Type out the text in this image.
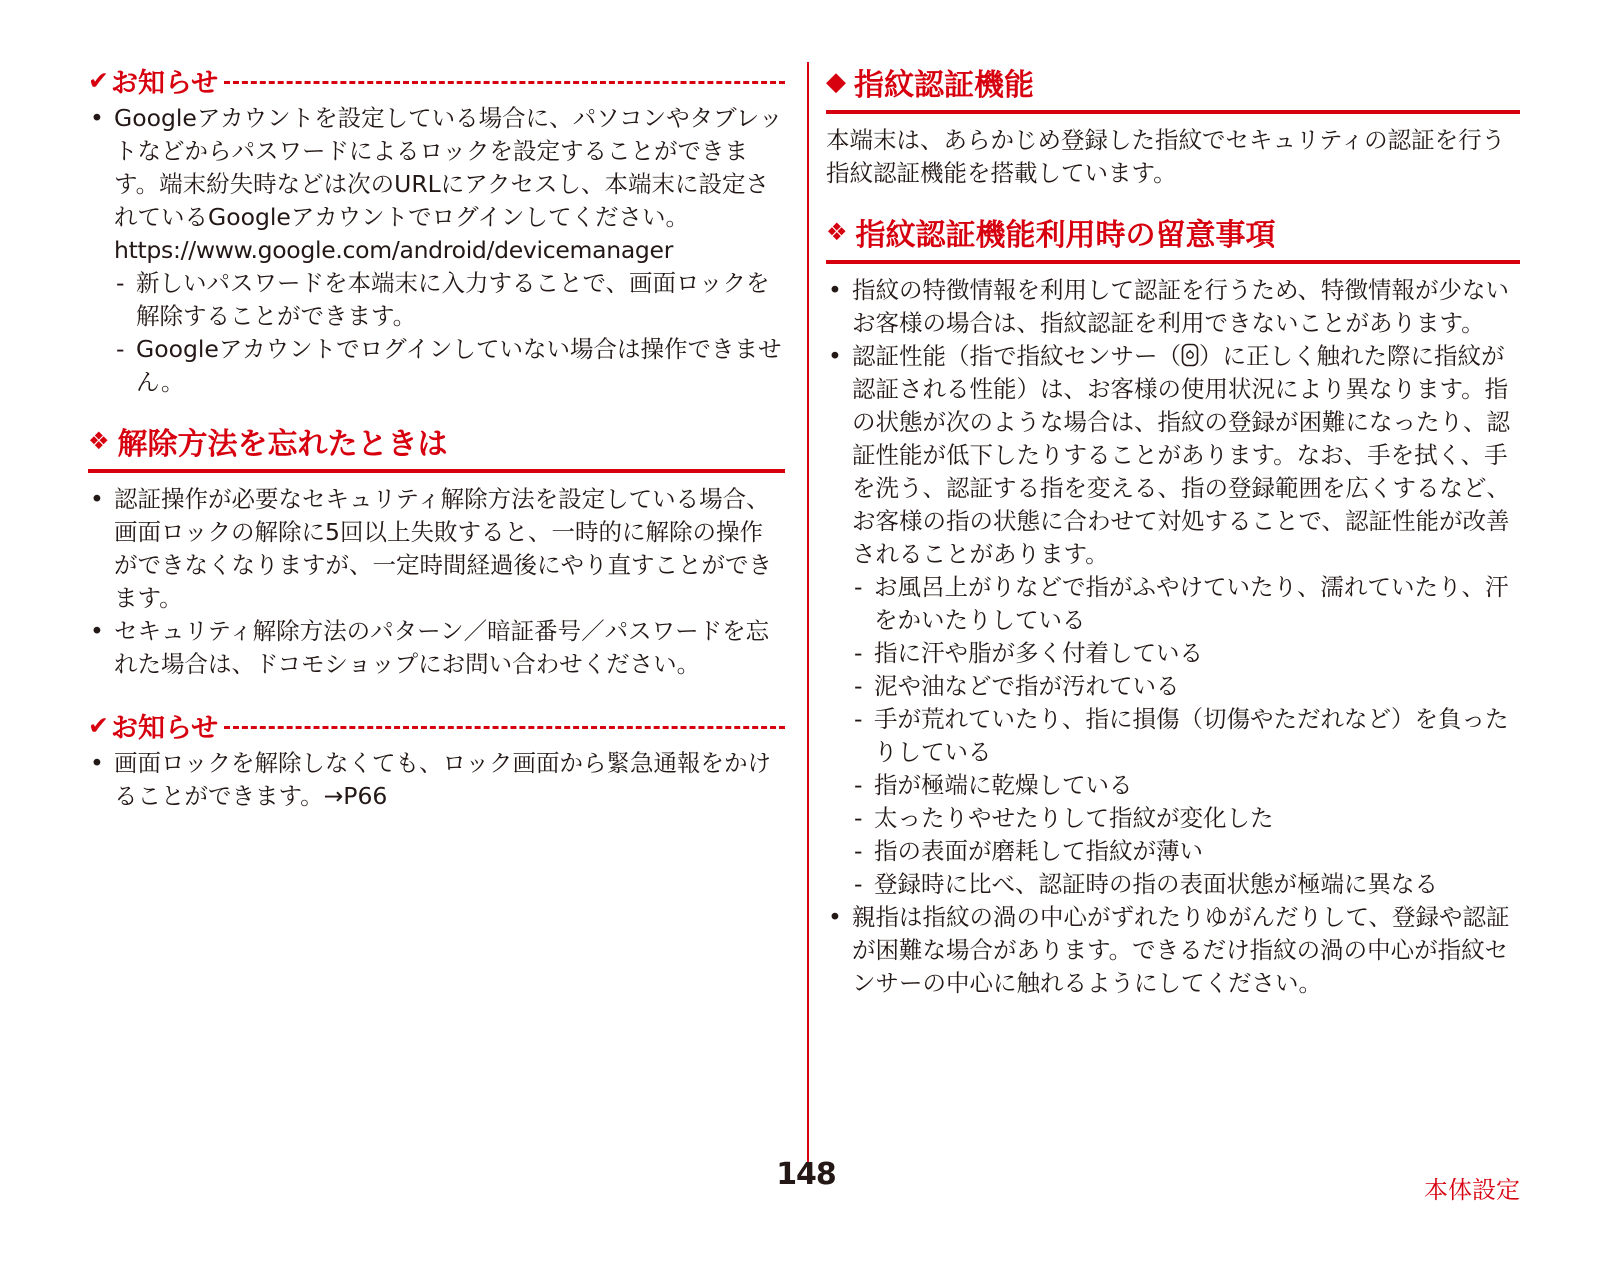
✔ お知らせ
• Googleアカウントを設定している場合に、パソコンやタブレットなどからパスワードによるロックを設定することができます。端末紛失時などは次のURLにアクセスし、本端末に設定されているGoogleアカウントでログインしてください。
https://www.google.com/android/devicemanager
- 新しいパスワードを本端末に入力することで、画面ロックを解除することができます。
- Googleアカウントでログインしていない場合は操作できません。
❖ 解除方法を忘れたときは
• 認証操作が必要なセキュリティ解除方法を設定している場合、画面ロックの解除に5回以上失敗すると、一時的に解除の操作ができなくなりますが、一定時間経過後にやり直すことができます。
• セキュリティ解除方法のパターン／暗証番号／パスワードを忘れた場合は、ドコモショップにお問い合わせください。
✔ お知らせ
• 画面ロックを解除しなくても、ロック画面から緊急通報をかけることができます。→P66
◆ 指紋認証機能
本端末は、あらかじめ登録した指紋でセキュリティの認証を行う指紋認証機能を搭載しています。
❖ 指紋認証機能利用時の留意事項
• 指紋の特徴情報を利用して認証を行うため、特徴情報が少ないお客様の場合は、指紋認証を利用できないことがあります。
• 認証性能（指で指紋センサー（ ）に正しく触れた際に指紋が認証される性能）は、お客様の使用状況により異なります。指の状態が次のような場合は、指紋の登録が困難になったり、認証性能が低下したりすることがあります。なお、手を拭く、手を洗う、認証する指を変える、指の登録範囲を広くするなど、お客様の指の状態に合わせて対処することで、認証性能が改善されることがあります。
- お風呂上がりなどで指がふやけていたり、濡れていたり、汗をかいたりしている
- 指に汗や脂が多く付着している
- 泥や油などで指が汚れている
- 手が荒れていたり、指に損傷（切傷やただれなど）を負ったりしている
- 指が極端に乾燥している
- 太ったりやせたりして指紋が変化した
- 指の表面が磨耗して指紋が薄い
- 登録時に比べ、認証時の指の表面状態が極端に異なる
• 親指は指紋の渦の中心がずれたりゆがんだりして、登録や認証が困難な場合があります。できるだけ指紋の渦の中心が指紋センサーの中心に触れるようにしてください。
148	本体設定
